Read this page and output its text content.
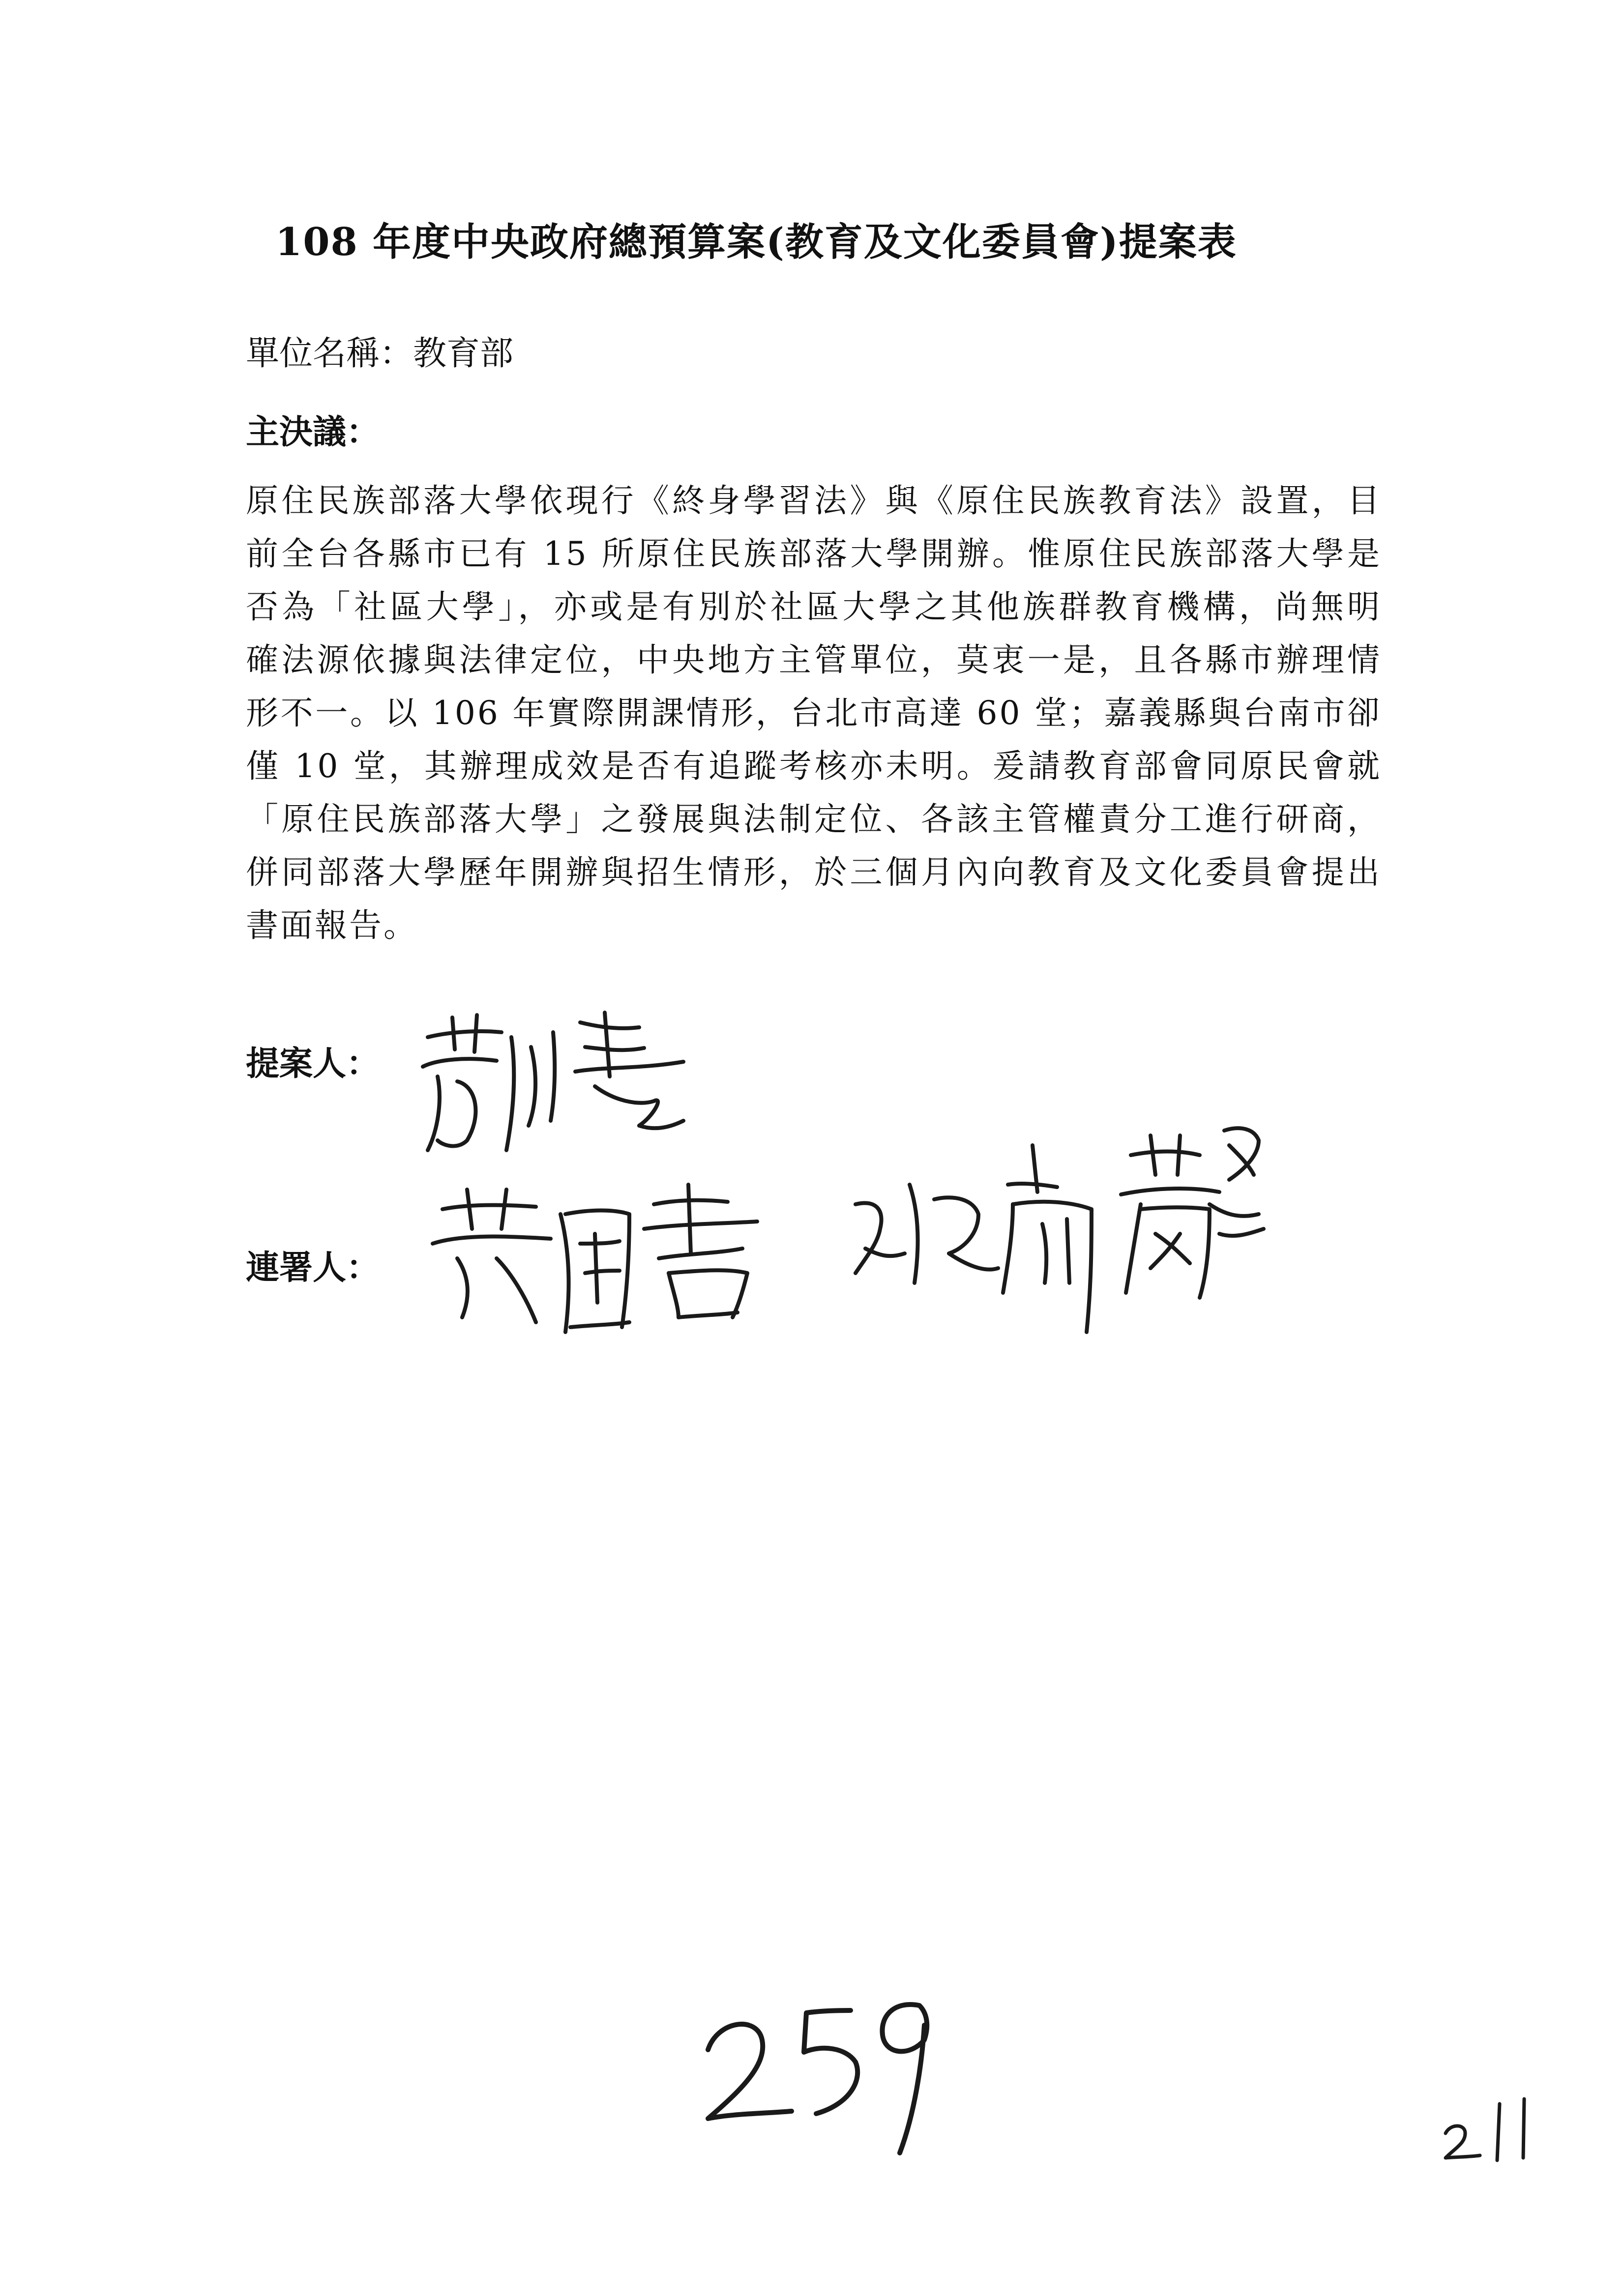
108 年度中央政府總預算案(教育及文化委員會)提案表
單位名稱：教育部
主決議：
原住民族部落大學依現行《終身學習法》與《原住民族教育法》設置，目
前全台各縣市已有 15 所原住民族部落大學開辦。惟原住民族部落大學是
否為「社區大學」，亦或是有別於社區大學之其他族群教育機構，尚無明
確法源依據與法律定位，中央地方主管單位，莫衷一是，且各縣市辦理情
形不一。以 106 年實際開課情形，台北市高達 60 堂；嘉義縣與台南市卻
僅 10 堂，其辦理成效是否有追蹤考核亦未明。爰請教育部會同原民會就
「原住民族部落大學」之發展與法制定位、各該主管權責分工進行研商，
併同部落大學歷年開辦與招生情形，於三個月內向教育及文化委員會提出
書面報告。
提案人：
連署人：
